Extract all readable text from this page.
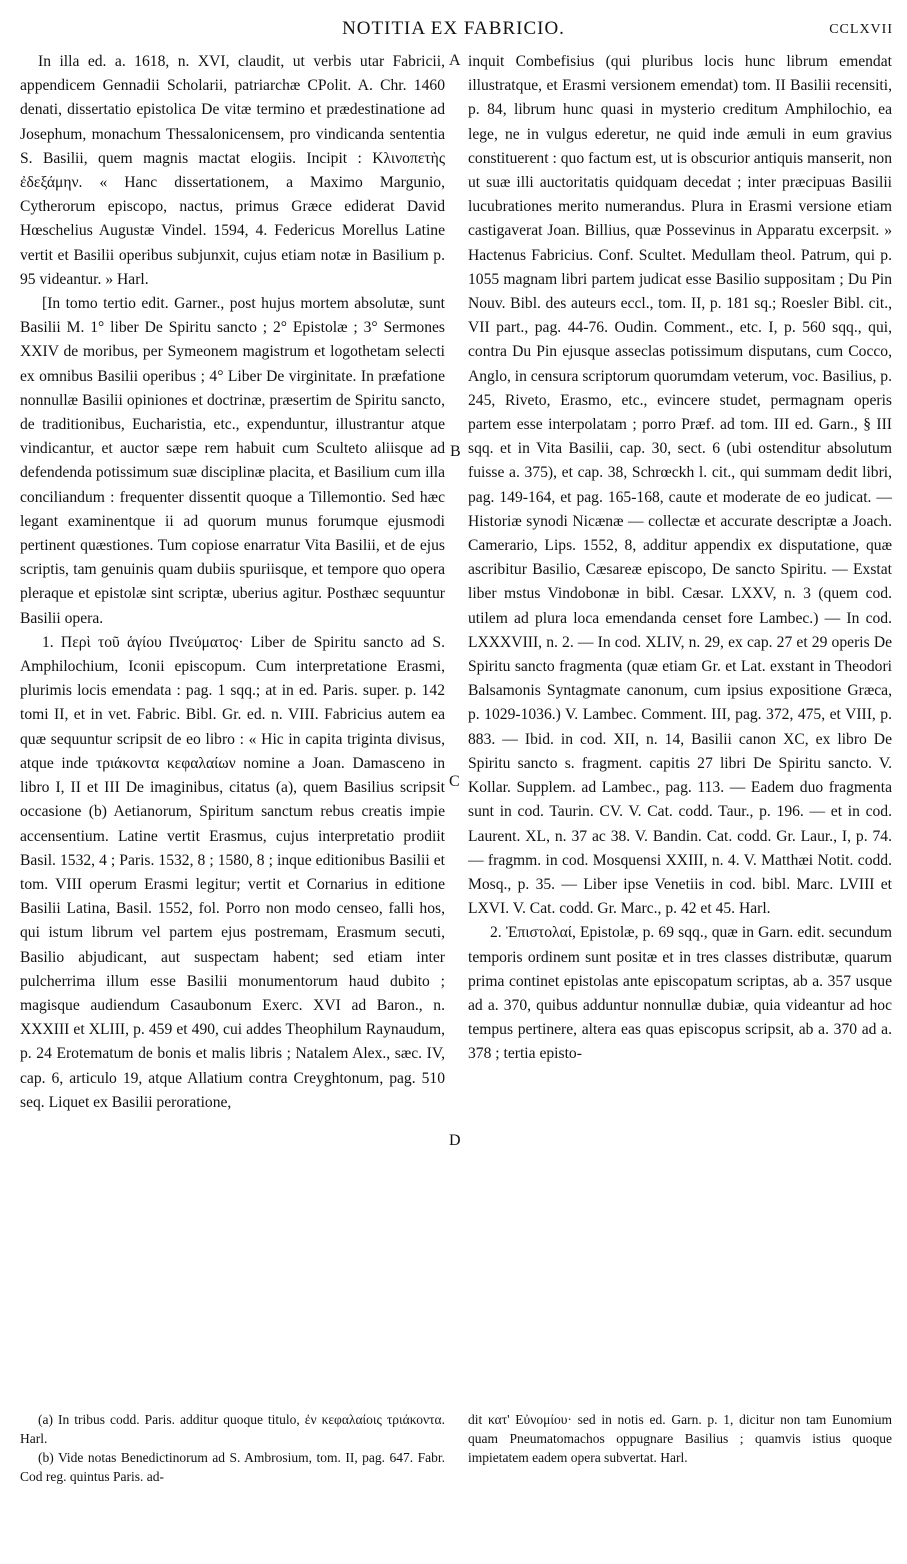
NOTITIA EX FABRICIO.	CCLXVII

In illa ed. a. 1618, n. XVI, claudit, ut verbis utar Fabricii, appendicem Gennadii Scholarii, patriarchæ CPolit. A. Chr. 1460 denati, dissertatio epistolica De vitæ termino et prædestinatione ad Josephum, monachum Thessalonicensem, pro vindicanda sententia S. Basilii, quem magnis mactat elogiis. Incipit : Κλινοπετὴς ἐδεξάμην. « Hanc dissertationem, a Maximo Margunio, Cytherorum episcopo, nactus, primus Græce ediderat David Hœschelius Augustæ Vindel. 1594, 4. Federicus Morellus Latine vertit et Basilii operibus subjunxit, cujus etiam notæ in Basilium p. 95 videantur. » Harl.

[In tomo tertio edit. Garner., post hujus mortem absolutæ, sunt Basilii M. 1° liber De Spiritu sancto ; 2° Epistolæ ; 3° Sermones XXIV de moribus, per Symeonem magistrum et logothetam selecti ex omnibus Basilii operibus ; 4° Liber De virginitate. In præfatione nonnullæ Basilii opiniones et doctrinæ, præsertim de Spiritu sancto, de traditionibus, Eucharistia, etc., expenduntur, illustrantur atque vindicantur, et auctor sæpe rem habuit cum Sculteto aliisque ad defendenda potissimum suæ disciplinæ placita, et Basilium cum illa conciliandum : frequenter dissentit quoque a Tillemontio. Sed hæc legant examinentque ii ad quorum munus forumque ejusmodi pertinent quæstiones. Tum copiose enarratur Vita Basilii, et de ejus scriptis, tam genuinis quam dubiis spuriisque, et tempore quo opera pleraque et epistolæ sint scriptæ, uberius agitur. Posthæc sequuntur Basilii opera.

1. Περὶ τοῦ ἁγίου Πνεύματος· Liber de Spiritu sancto ad S. Amphilochium, Iconii episcopum. Cum interpretatione Erasmi, plurimis locis emendata : pag. 1 sqq.; at in ed. Paris. super. p. 142 tomi II, et in vet. Fabric. Bibl. Gr. ed. n. VIII. Fabricius autem ea quæ sequuntur scripsit de eo libro : « Hic in capita triginta divisus, atque inde τριάκοντα κεφαλαίων nomine a Joan. Damasceno in libro I, II et III De imaginibus, citatus (a), quem Basilius scripsit occasione (b) Aetianorum, Spiritum sanctum rebus creatis impie accensentium. Latine vertit Erasmus, cujus interpretatio prodiit Basil. 1532, 4 ; Paris. 1532, 8 ; 1580, 8 ; inque editionibus Basilii et tom. VIII operum Erasmi legitur; vertit et Cornarius in editione Basilii Latina, Basil. 1552, fol. Porro non modo censeo, falli hos, qui istum librum vel partem ejus postremam, Erasmum secuti, Basilio abjudicant, aut suspectam habent; sed etiam inter pulcherrima illum esse Basilii monumentorum haud dubito ; magisque audiendum Casaubonum Exerc. XVI ad Baron., n. XXXIII et XLIII, p. 459 et 490, cui addes Theophilum Raynaudum, p. 24 Erotematum de bonis et malis libris ; Natalem Alex., sæc. IV, cap. 6, articulo 19, atque Allatium contra Creyghtonum, pag. 510 seq. Liquet ex Basilii peroratione,

inquit Combefisius (qui pluribus locis hunc librum emendat illustratque, et Erasmi versionem emendat) tom. II Basilii recensiti, p. 84, librum hunc quasi in mysterio creditum Amphilochio, ea lege, ne in vulgus ederetur, ne quid inde æmuli in eum gravius constituerent : quo factum est, ut is obscurior antiquis manserit, non ut suæ illi auctoritatis quidquam decedat ; inter præcipuas Basilii lucubrationes merito numerandus. Plura in Erasmi versione etiam castigaverat Joan. Billius, quæ Possevinus in Apparatu excerpsit. » Hactenus Fabricius. Conf. Scultet. Medullam theol. Patrum, qui p. 1055 magnam libri partem judicat esse Basilio suppositam ; Du Pin Nouv. Bibl. des auteurs eccl., tom. II, p. 181 sq.; Roesler Bibl. cit., VII part., pag. 44-76. Oudin. Comment., etc. I, p. 560 sqq., qui, contra Du Pin ejusque asseclas potissimum disputans, cum Cocco, Anglo, in censura scriptorum quorumdam veterum, voc. Basilius, p. 245, Riveto, Erasmo, etc., evincere studet, permagnam operis partem esse interpolatam ; porro Præf. ad tom. III ed. Garn., § III sqq. et in Vita Basilii, cap. 30, sect. 6 (ubi ostenditur absolutum fuisse a. 375), et cap. 38, Schrœckh l. cit., qui summam dedit libri, pag. 149-164, et pag. 165-168, caute et moderate de eo judicat. — Historiæ synodi Nicænæ — collectæ et accurate descriptæ a Joach. Camerario, Lips. 1552, 8, additur appendix ex disputatione, quæ ascribitur Basilio, Cæsareæ episcopo, De sancto Spiritu. — Exstat liber mstus Vindobonæ in bibl. Cæsar. LXXV, n. 3 (quem cod. utilem ad plura loca emendanda censet fore Lambec.) — In cod. LXXXVIII, n. 2. — In cod. XLIV, n. 29, ex cap. 27 et 29 operis De Spiritu sancto fragmenta (quæ etiam Gr. et Lat. exstant in Theodori Balsamonis Syntagmate canonum, cum ipsius expositione Græca, p. 1029-1036.) V. Lambec. Comment. III, pag. 372, 475, et VIII, p. 883. — Ibid. in cod. XII, n. 14, Basilii canon XC, ex libro De Spiritu sancto s. fragment. capitis 27 libri De Spiritu sancto. V. Kollar. Supplem. ad Lambec., pag. 113. — Eadem duo fragmenta sunt in cod. Taurin. CV. V. Cat. codd. Taur., p. 196. — et in cod. Laurent. XL, n. 37 ac 38. V. Bandin. Cat. codd. Gr. Laur., I, p. 74. — fragmm. in cod. Mosquensi XXIII, n. 4. V. Matthæi Notit. codd. Mosq., p. 35. — Liber ipse Venetiis in cod. bibl. Marc. LVIII et LXVI. V. Cat. codd. Gr. Marc., p. 42 et 45. Harl.

2. Ἐπιστολαί, Epistolæ, p. 69 sqq., quæ in Garn. edit. secundum temporis ordinem sunt positæ et in tres classes distributæ, quarum prima continet epistolas ante episcopatum scriptas, ab a. 357 usque ad a. 370, quibus adduntur nonnullæ dubiæ, quia videantur ad hoc tempus pertinere, altera eas quas episcopus scripsit, ab a. 370 ad a. 378 ; tertia episto-

A
B
C
D

(a) In tribus codd. Paris. additur quoque titulo, ἐν κεφαλαίοις τριάκοντα. Harl.

(b) Vide notas Benedictinorum ad S. Ambrosium, tom. II, pag. 647. Fabr. Cod reg. quintus Paris. ad-

dit κατ' Εὐνομίου· sed in notis ed. Garn. p. 1, dicitur non tam Eunomium quam Pneumatomachos oppugnare Basilius ; quamvis istius quoque impietatem eadem opera subvertat. Harl.
